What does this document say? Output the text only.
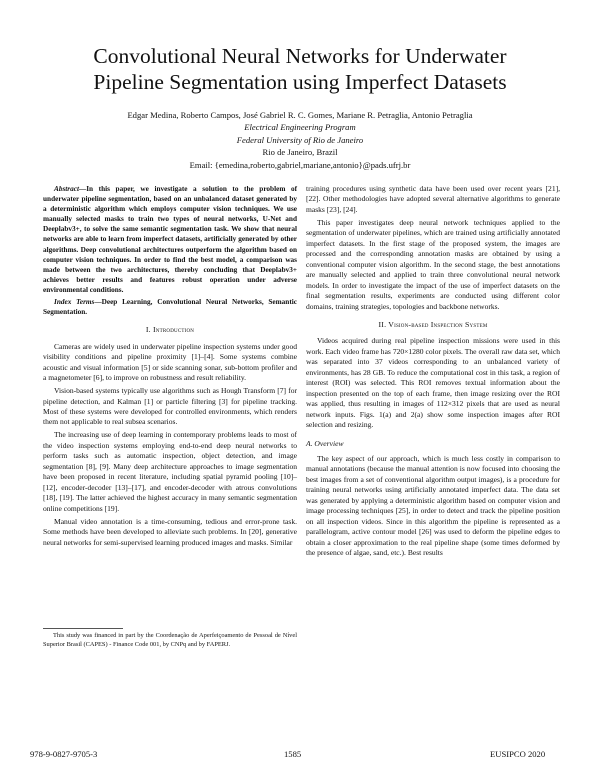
Convolutional Neural Networks for Underwater
Pipeline Segmentation using Imperfect Datasets
Edgar Medina, Roberto Campos, José Gabriel R. C. Gomes, Mariane R. Petraglia, Antonio Petraglia
Electrical Engineering Program
Federal University of Rio de Janeiro
Rio de Janeiro, Brazil
Email: {emedina,roberto,gabriel,mariane,antonio}@pads.ufrj.br

Abstract—In this paper, we investigate a solution to the problem of underwater pipeline segmentation, based on an unbalanced dataset generated by a deterministic algorithm which employs computer vision techniques. We use manually selected masks to train two types of neural networks, U-Net and Deeplabv3+, to solve the same semantic segmentation task. We show that neural networks are able to learn from imperfect datasets, artificially generated by other algorithms. Deep convolutional architectures outperform the algorithm based on computer vision techniques. In order to find the best model, a comparison was made between the two architectures, thereby concluding that Deeplabv3+ achieves better results and features robust operation under adverse environmental conditions.

Index Terms—Deep Learning, Convolutional Neural Networks, Semantic Segmentation.

I. Introduction

Cameras are widely used in underwater pipeline inspection systems under good visibility conditions and pipeline proximity [1]–[4]. Some systems combine acoustic and visual information [5] or side scanning sonar, sub-bottom profiler and a magnetometer [6], to improve on robustness and result reliability.

Vision-based systems typically use algorithms such as Hough Transform [7] for pipeline detection, and Kalman [1] or particle filtering [3] for pipeline tracking. Most of these systems were developed for controlled environments, which renders them not applicable to real subsea scenarios.

The increasing use of deep learning in contemporary problems leads to most of the video inspection systems employing end-to-end deep neural networks to perform tasks such as automatic inspection, object detection, and image segmentation [8], [9]. Many deep architecture approaches to image segmentation have been proposed in recent literature, including spatial pyramid pooling [10]–[12], encoder-decoder [13]–[17], and encoder-decoder with atrous convolutions [18], [19]. The latter achieved the highest accuracy in many semantic segmentation online competitions [19].

Manual video annotation is a time-consuming, tedious and error-prone task. Some methods have been developed to alleviate such problems. In [20], generative neural networks for semi-supervised learning produced images and masks. Similar

This study was financed in part by the Coordenação de Aperfeiçoamento de Pessoal de Nível Superior Brasil (CAPES) - Finance Code 001, by CNPq and by FAPERJ.

training procedures using synthetic data have been used over recent years [21], [22]. Other methodologies have adopted several alternative algorithms to generate masks [23], [24].

This paper investigates deep neural network techniques applied to the segmentation of underwater pipelines, which are trained using artificially annotated imperfect datasets. In the first stage of the proposed system, the images are processed and the corresponding annotation masks are obtained by using a conventional computer vision algorithm. In the second stage, the best annotations are manually selected and applied to train three convolutional neural network models. In order to investigate the impact of the use of imperfect datasets on the final segmentation results, experiments are conducted using different color domains, training strategies, topologies and backbone networks.

II. Vision-based Inspection System

Videos acquired during real pipeline inspection missions were used in this work. Each video frame has 720×1280 color pixels. The overall raw data set, which was separated into 37 videos corresponding to an unbalanced variety of environments, has 28 GB. To reduce the computational cost in this task, a region of interest (ROI) was selected. This ROI removes textual information about the inspection presented on the top of each frame, then image resizing over the ROI was applied, thus resulting in images of 112×312 pixels that are used as neural network inputs. Figs. 1(a) and 2(a) show some inspection images after ROI selection and resizing.

A. Overview

The key aspect of our approach, which is much less costly in comparison to manual annotations (because the manual attention is now focused into choosing the best images from a set of conventional algorithm output images), is a procedure for training neural networks using artificially annotated imperfect data. The data set was generated by applying a deterministic algorithm based on computer vision and image processing techniques [25], in order to detect and track the pipeline position on all inspection videos. Since in this algorithm the pipeline is represented as a parallelogram, active contour model [26] was used to deform the pipeline edges to obtain a closer approximation to the real pipeline shape (some times deformed by the presence of algae, sand, etc.). Best results

978-9-0827-9705-3	1585	EUSIPCO 2020
